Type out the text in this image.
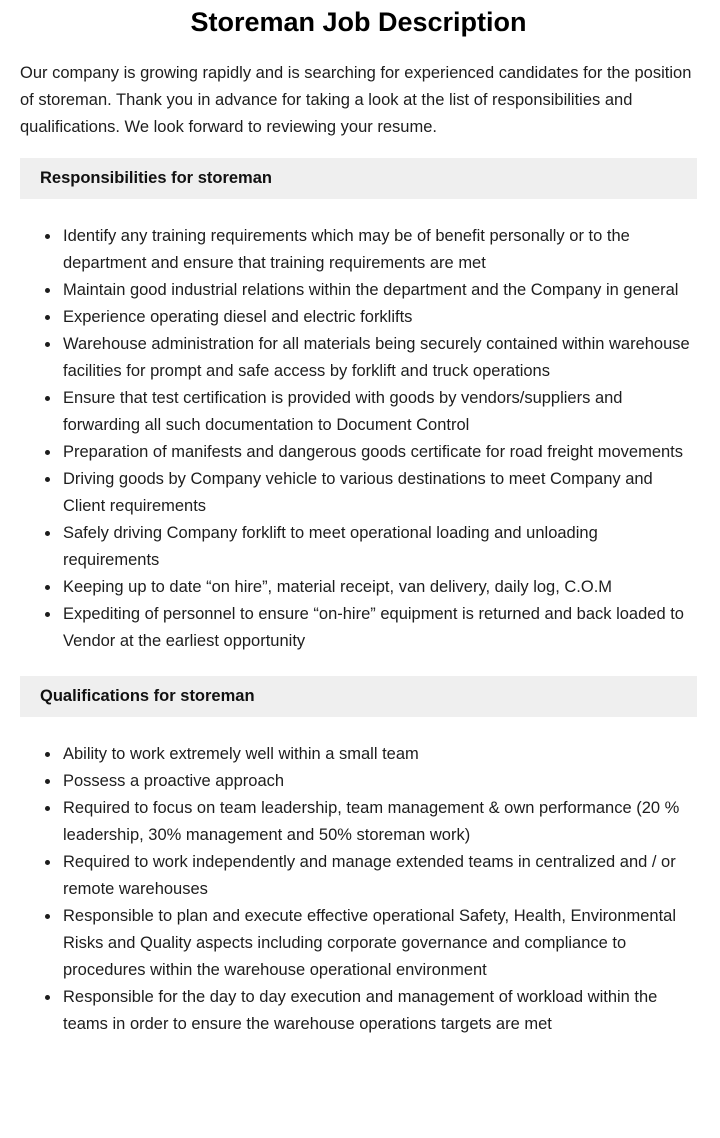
Storeman Job Description

Our company is growing rapidly and is searching for experienced candidates for the position of storeman. Thank you in advance for taking a look at the list of responsibilities and qualifications. We look forward to reviewing your resume.

Responsibilities for storeman
• Identify any training requirements which may be of benefit personally or to the department and ensure that training requirements are met
• Maintain good industrial relations within the department and the Company in general
• Experience operating diesel and electric forklifts
• Warehouse administration for all materials being securely contained within warehouse facilities for prompt and safe access by forklift and truck operations
• Ensure that test certification is provided with goods by vendors/suppliers and forwarding all such documentation to Document Control
• Preparation of manifests and dangerous goods certificate for road freight movements
• Driving goods by Company vehicle to various destinations to meet Company and Client requirements
• Safely driving Company forklift to meet operational loading and unloading requirements
• Keeping up to date “on hire”, material receipt, van delivery, daily log, C.O.M
• Expediting of personnel to ensure “on-hire” equipment is returned and back loaded to Vendor at the earliest opportunity
Qualifications for storeman
• Ability to work extremely well within a small team
• Possess a proactive approach
• Required to focus on team leadership, team management & own performance (20 % leadership, 30% management and 50% storeman work)
• Required to work independently and manage extended teams in centralized and / or remote warehouses
• Responsible to plan and execute effective operational Safety, Health, Environmental Risks and Quality aspects including corporate governance and compliance to procedures within the warehouse operational environment
• Responsible for the day to day execution and management of workload within the teams in order to ensure the warehouse operations targets are met
